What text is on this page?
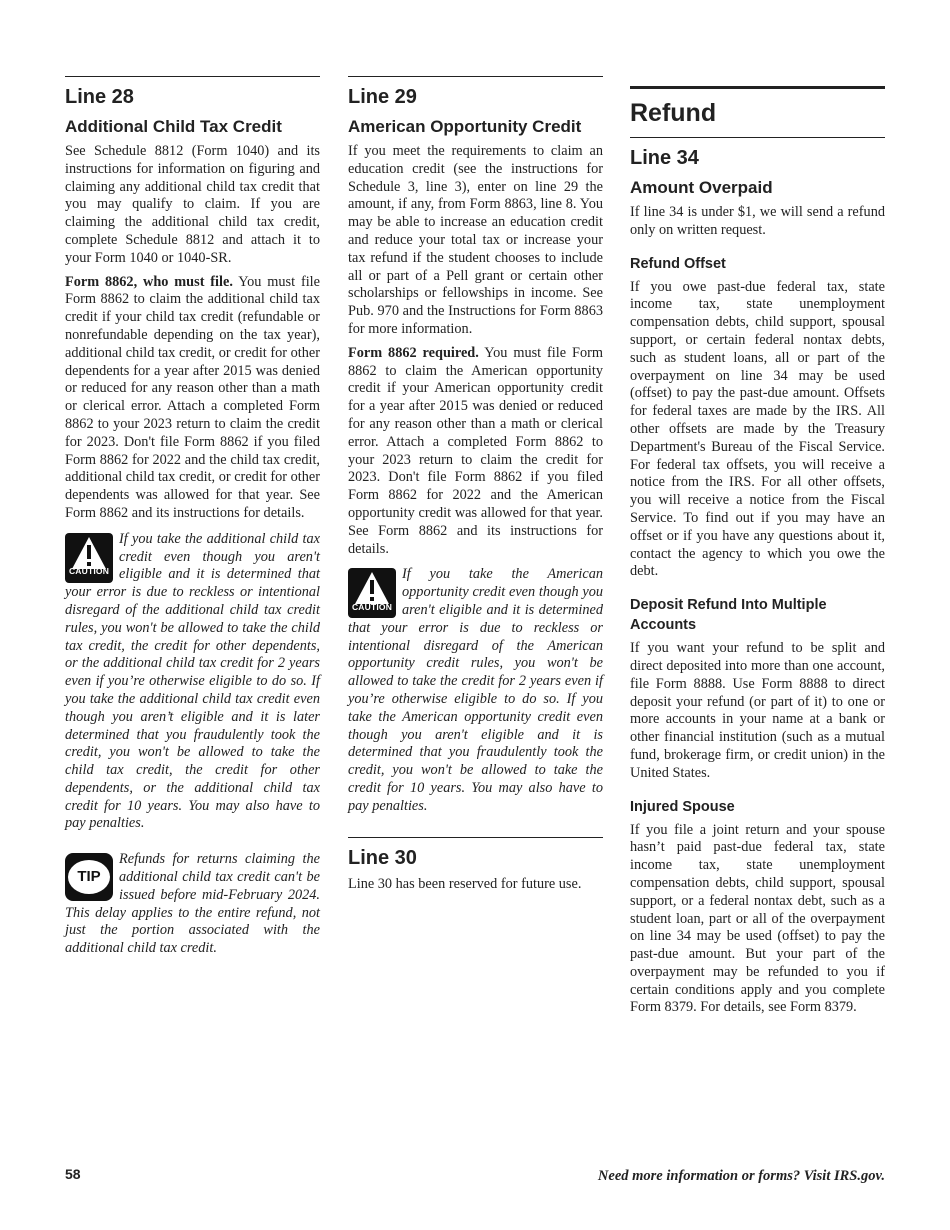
Line 28
Additional Child Tax Credit

See Schedule 8812 (Form 1040) and its instructions for information on figuring and claiming any additional child tax credit that you may qualify to claim. If you are claiming the additional child tax credit, complete Schedule 8812 and attach it to your Form 1040 or 1040-SR.

Form 8862, who must file. You must file Form 8862 to claim the additional child tax credit if your child tax credit (refundable or nonrefundable depending on the tax year), additional child tax credit, or credit for other dependents for a year after 2015 was denied or reduced for any reason other than a math or clerical error. Attach a completed Form 8862 to your 2023 return to claim the credit for 2023. Don't file Form 8862 if you filed Form 8862 for 2022 and the child tax credit, additional child tax credit, or credit for other dependents was allowed for that year. See Form 8862 and its instructions for details.

CAUTION
If you take the additional child tax credit even though you aren't eligible and it is determined that your error is due to reckless or intentional disregard of the additional child tax credit rules, you won't be allowed to take the child tax credit, the credit for other dependents, or the additional child tax credit for 2 years even if you’re otherwise eligible to do so. If you take the additional child tax credit even though you aren’t eligible and it is later determined that you fraudulently took the credit, you won't be allowed to take the child tax credit, the credit for other dependents, or the additional child tax credit for 10 years. You may also have to pay penalties.
TIP
Refunds for returns claiming the additional child tax credit can't be issued before mid-February 2024. This delay applies to the entire refund, not just the portion associated with the additional child tax credit.
Line 29
American Opportunity Credit

If you meet the requirements to claim an education credit (see the instructions for Schedule 3, line 3), enter on line 29 the amount, if any, from Form 8863, line 8. You may be able to increase an education credit and reduce your total tax or increase your tax refund if the student chooses to include all or part of a Pell grant or certain other scholarships or fellowships in income. See Pub. 970 and the Instructions for Form 8863 for more information.

Form 8862 required. You must file Form 8862 to claim the American opportunity credit if your American opportunity credit for a year after 2015 was denied or reduced for any reason other than a math or clerical error. Attach a completed Form 8862 to your 2023 return to claim the credit for 2023. Don't file Form 8862 if you filed Form 8862 for 2022 and the American opportunity credit was allowed for that year. See Form 8862 and its instructions for details.

CAUTION
If you take the American opportunity credit even though you aren't eligible and it is determined that your error is due to reckless or intentional disregard of the American opportunity credit rules, you won't be allowed to take the credit for 2 years even if you’re otherwise eligible to do so. If you take the American opportunity credit even though you aren't eligible and it is determined that you fraudulently took the credit, you won't be allowed to take the credit for 10 years. You may also have to pay penalties.
Line 30

Line 30 has been reserved for future use.

Refund
Line 34
Amount Overpaid

If line 34 is under $1, we will send a refund only on written request.

Refund Offset

If you owe past-due federal tax, state income tax, state unemployment compensation debts, child support, spousal support, or certain federal nontax debts, such as student loans, all or part of the overpayment on line 34 may be used (offset) to pay the past-due amount. Offsets for federal taxes are made by the IRS. All other offsets are made by the Treasury Department's Bureau of the Fiscal Service. For federal tax offsets, you will receive a notice from the IRS. For all other offsets, you will receive a notice from the Fiscal Service. To find out if you may have an offset or if you have any questions about it, contact the agency to which you owe the debt.

Deposit Refund Into Multiple Accounts

If you want your refund to be split and direct deposited into more than one account, file Form 8888. Use Form 8888 to direct deposit your refund (or part of it) to one or more accounts in your name at a bank or other financial institution (such as a mutual fund, brokerage firm, or credit union) in the United States.

Injured Spouse

If you file a joint return and your spouse hasn’t paid past-due federal tax, state income tax, state unemployment compensation debts, child support, spousal support, or a federal nontax debt, such as a student loan, part or all of the overpayment on line 34 may be used (offset) to pay the past-due amount. But your part of the overpayment may be refunded to you if certain conditions apply and you complete Form 8379. For details, see Form 8379.

58	Need more information or forms? Visit IRS.gov.
